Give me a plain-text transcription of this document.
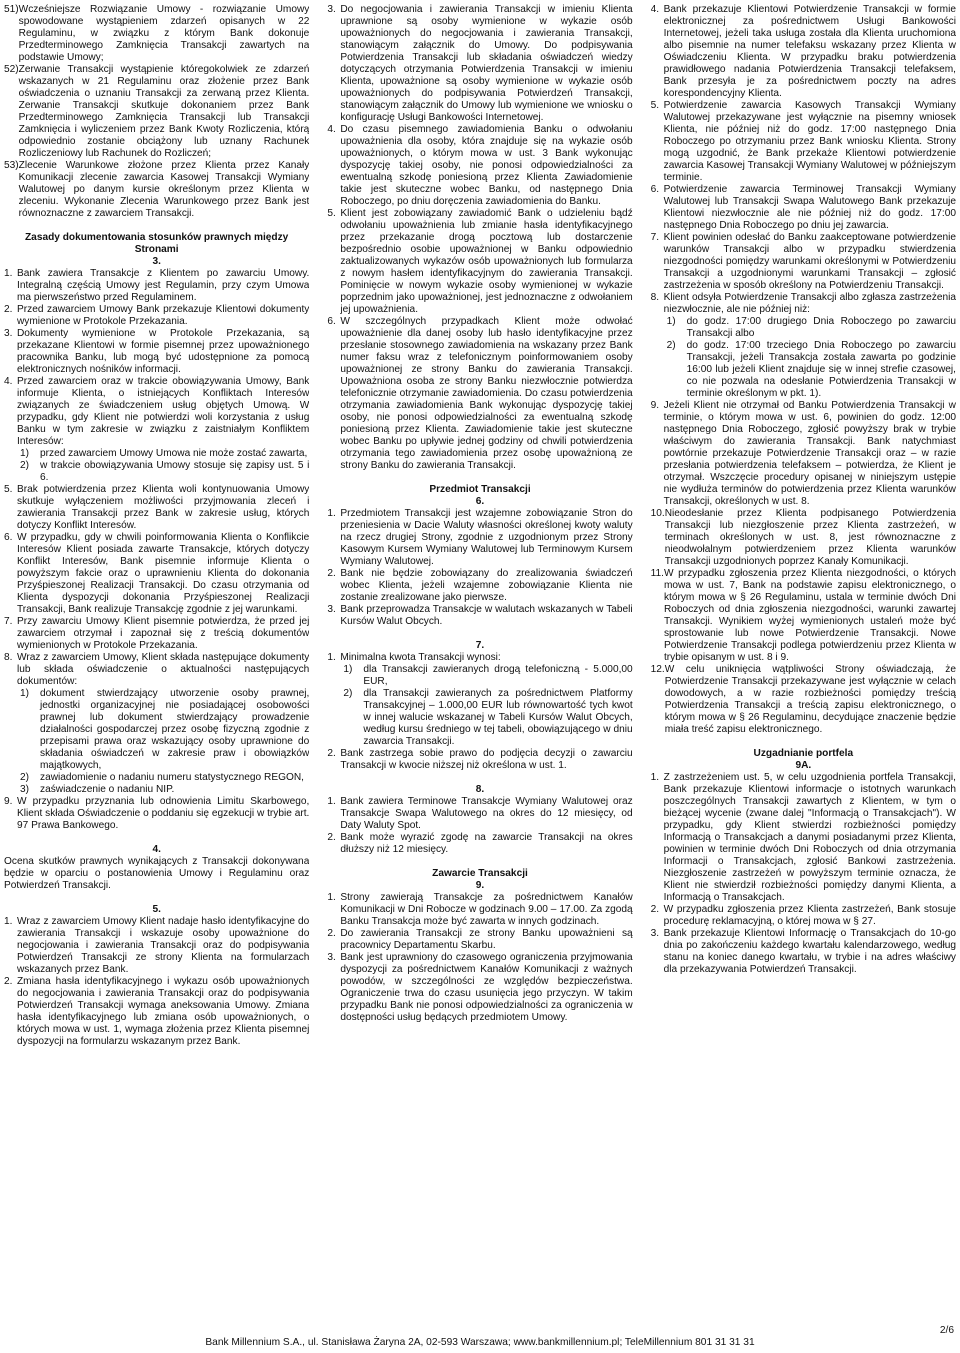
51) Wcześniejsze Rozwiązanie Umowy - rozwiązanie Umowy spowodowane wystąpieniem zdarzeń opisanych w 22 Regulaminu, w związku z którym Bank dokonuje Przedterminowego Zamknięcia Transakcji zawartych na podstawie Umowy;
52) Zerwanie Transakcji wystąpienie któregokolwiek ze zdarzeń wskazanych w 21 Regulaminu oraz złożenie przez Bank oświadczenia o uznaniu Transakcji za zerwaną przez Klienta. Zerwanie Transakcji skutkuje dokonaniem przez Bank Przedterminowego Zamknięcia Transakcji lub Transakcji Zamknięcia i wyliczeniem przez Bank Kwoty Rozliczenia, którą odpowiednio zostanie obciążony lub uznany Rachunek Rozliczeniowy lub Rachunek do Rozliczeń;
53) Zlecenie Warunkowe złożone przez Klienta przez Kanały Komunikacji zlecenie zawarcia Kasowej Transakcji Wymiany Walutowej po danym kursie określonym przez Klienta w zleceniu. Wykonanie Zlecenia Warunkowego przez Bank jest równoznaczne z zawarciem Transakcji.

Zasady dokumentowania stosunków prawnych między Stronami

3.

1. Bank zawiera Transakcje z Klientem po zawarciu Umowy. Integralną częścią Umowy jest Regulamin, przy czym Umowa ma pierwszeństwo przed Regulaminem.
2. Przed zawarciem Umowy Bank przekazuje Klientowi dokumenty wymienione w Protokole Przekazania.
3. Dokumenty wymienione w Protokole Przekazania, są przekazane Klientowi w formie pisemnej przez upoważnionego pracownika Banku, lub mogą być udostępnione za pomocą elektronicznych nośników informacji.
4. Przed zawarciem oraz w trakcie obowiązywania Umowy, Bank informuje Klienta, o istniejących Konfliktach Interesów związanych ze świadczeniem usług objętych Umową. W przypadku, gdy Klient nie potwierdzi woli korzystania z usług Banku w tym zakresie w związku z zaistniałym Konfliktem Interesów:
1)	przed zawarciem Umowy Umowa nie może zostać zawarta,
2)	w trakcie obowiązywania Umowy stosuje się zapisy ust. 5 i 6.
5. Brak potwierdzenia przez Klienta woli kontynuowania Umowy skutkuje wyłączeniem możliwości przyjmowania zleceń i zawierania Transakcji przez Bank w zakresie usług, których dotyczy Konflikt Interesów.
6. W przypadku, gdy w chwili poinformowania Klienta o Konflikcie Interesów Klient posiada zawarte Transakcje, których dotyczy Konflikt Interesów, Bank pisemnie informuje Klienta o powyższym fakcie oraz o uprawnieniu Klienta do dokonania Przyśpieszonej Realizacji Transakcji. Do czasu otrzymania od Klienta dyspozycji dokonania Przyśpieszonej Realizacji Transakcji, Bank realizuje Transakcję zgodnie z jej warunkami.
7. Przy zawarciu Umowy Klient pisemnie potwierdza, że przed jej zawarciem otrzymał i zapoznał się z treścią dokumentów wymienionych w Protokole Przekazania.
8. Wraz z zawarciem Umowy, Klient składa następujące dokumenty lub składa oświadczenie o aktualności następujących dokumentów:
1)	dokument stwierdzający utworzenie osoby prawnej, jednostki organizacyjnej nie posiadającej osobowości prawnej lub dokument stwierdzający prowadzenie działalności gospodarczej przez osobę fizyczną zgodnie z przepisami prawa oraz wskazujący osoby uprawnione do składania oświadczeń w zakresie praw i obowiązków majątkowych,
2)	zawiadomienie o nadaniu numeru statystycznego REGON,
3)	zaświadczenie o nadaniu NIP.
9. W przypadku przyznania lub odnowienia Limitu Skarbowego, Klient składa Oświadczenie o poddaniu się egzekucji w trybie art. 97 Prawa Bankowego.

4.

Ocena skutków prawnych wynikających z Transakcji dokonywana będzie w oparciu o postanowienia Umowy i Regulaminu oraz Potwierdzeń Transakcji.

5.

1. Wraz z zawarciem Umowy Klient nadaje hasło identyfikacyjne do zawierania Transakcji i wskazuje osoby upoważnione do negocjowania i zawierania Transakcji oraz do podpisywania Potwierdzeń Transakcji ze strony Klienta na formularzach wskazanych przez Bank.
2. Zmiana hasła identyfikacyjnego i wykazu osób upoważnionych do negocjowania i zawierania Transakcji oraz do podpisywania Potwierdzeń Transakcji wymaga aneksowania Umowy. Zmiana hasła identyfikacyjnego lub zmiana osób upoważnionych, o których mowa w ust. 1, wymaga złożenia przez Klienta pisemnej dyspozycji na formularzu wskazanym przez Bank.
3. Do negocjowania i zawierania Transakcji w imieniu Klienta uprawnione są osoby wymienione w wykazie osób upoważnionych do negocjowania i zawierania Transakcji, stanowiącym załącznik do Umowy. Do podpisywania Potwierdzenia Transakcji lub składania oświadczeń wiedzy dotyczących otrzymania Potwierdzenia Transakcji w imieniu Klienta, upoważnione są osoby wymienione w wykazie osób upoważnionych do podpisywania Potwierdzeń Transakcji, stanowiącym załącznik do Umowy lub wymienione we wniosku o konfigurację Usługi Bankowości Internetowej.
4. Do czasu pisemnego zawiadomienia Banku o odwołaniu upoważnienia dla osoby, która znajduje się na wykazie osób upoważnionych, o którym mowa w ust. 3 Bank wykonując dyspozycję takiej osoby, nie ponosi odpowiedzialności za ewentualną szkodę poniesioną przez Klienta Zawiadomienie takie jest skuteczne wobec Banku, od następnego Dnia Roboczego, po dniu doręczenia zawiadomienia do Banku.
5. Klient jest zobowiązany zawiadomić Bank o udzieleniu bądź odwołaniu upoważnienia lub zmianie hasła identyfikacyjnego przez przekazanie drogą pocztową lub dostarczenie bezpośrednio osobie upoważnionej w Banku odpowiednio zaktualizowanych wykazów osób upoważnionych lub formularza z nowym hasłem identyfikacyjnym do zawierania Transakcji. Pominięcie w nowym wykazie osoby wymienionej w wykazie poprzednim jako upoważnionej, jest jednoznaczne z odwołaniem jej upoważnienia.
6. W szczególnych przypadkach Klient może odwołać upoważnienie dla danej osoby lub hasło identyfikacyjne przez przesłanie stosownego zawiadomienia na wskazany przez Bank numer faksu wraz z telefonicznym poinformowaniem osoby upoważnionej ze strony Banku do zawierania Transakcji. Upoważniona osoba ze strony Banku niezwłocznie potwierdza telefonicznie otrzymanie zawiadomienia. Do czasu potwierdzenia otrzymania zawiadomienia Bank wykonując dyspozycję takiej osoby, nie ponosi odpowiedzialności za ewentualną szkodę poniesioną przez Klienta. Zawiadomienie takie jest skuteczne wobec Banku po upływie jednej godziny od chwili potwierdzenia otrzymania tego zawiadomienia przez osobę upoważnioną ze strony Banku do zawierania Transakcji.

Przedmiot Transakcji

6.

1. Przedmiotem Transakcji jest wzajemne zobowiązanie Stron do przeniesienia w Dacie Waluty własności określonej kwoty waluty na rzecz drugiej Strony, zgodnie z uzgodnionym przez Strony Kasowym Kursem Wymiany Walutowej lub Terminowym Kursem Wymiany Walutowej.
2. Bank nie będzie zobowiązany do zrealizowania świadczeń wobec Klienta, jeżeli wzajemne zobowiązanie Klienta nie zostanie zrealizowane jako pierwsze.
3. Bank przeprowadza Transakcje w walutach wskazanych w Tabeli Kursów Walut Obcych.

7.

1. Minimalna kwota Transakcji wynosi:
1)	dla Transakcji zawieranych drogą telefoniczną - 5.000,00 EUR,
2)	dla Transakcji zawieranych za pośrednictwem Platformy Transakcyjnej – 1.000,00 EUR lub równowartość tych kwot w innej walucie wskazanej w Tabeli Kursów Walut Obcych, według kursu średniego w tej tabeli, obowiązującego w dniu zawarcia Transakcji.
2. Bank zastrzega sobie prawo do podjęcia decyzji o zawarciu Transakcji w kwocie niższej niż określona w ust. 1.

8.

1. Bank zawiera Terminowe Transakcje Wymiany Walutowej oraz Transakcje Swapa Walutowego na okres do 12 miesięcy, od Daty Waluty Spot.
2. Bank może wyrazić zgodę na zawarcie Transakcji na okres dłuższy niż 12 miesięcy.

Zawarcie Transakcji

9.

1. Strony zawierają Transakcje za pośrednictwem Kanałów Komunikacji w Dni Robocze w godzinach 9.00 – 17.00. Za zgodą Banku Transakcja może być zawarta w innych godzinach.
2. Do zawierania Transakcji ze strony Banku upoważnieni są pracownicy Departamentu Skarbu.
3. Bank jest uprawniony do czasowego ograniczenia przyjmowania dyspozycji za pośrednictwem Kanałów Komunikacji z ważnych powodów, w szczególności ze względów bezpieczeństwa. Ograniczenie trwa do czasu usunięcia jego przyczyn. W takim przypadku Bank nie ponosi odpowiedzialności za ograniczenia w dostępności usług będących przedmiotem Umowy.
4. Bank przekazuje Klientowi Potwierdzenie Transakcji w formie elektronicznej za pośrednictwem Usługi Bankowości Internetowej, jeżeli taka usługa została dla Klienta uruchomiona albo pisemnie na numer telefaksu wskazany przez Klienta w Oświadczeniu Klienta. W przypadku braku potwierdzenia prawidłowego nadania Potwierdzenia Transakcji telefaksem, Bank przesyła je za pośrednictwem poczty na adres korespondencyjny Klienta.
5. Potwierdzenie zawarcia Kasowych Transakcji Wymiany Walutowej przekazywane jest wyłącznie na pisemny wniosek Klienta, nie później niż do godz. 17:00 następnego Dnia Roboczego po otrzymaniu przez Bank wniosku Klienta. Strony mogą uzgodnić, że Bank przekaże Klientowi potwierdzenie zawarcia Kasowej Transakcji Wymiany Walutowej w późniejszym terminie.
6. Potwierdzenie zawarcia Terminowej Transakcji Wymiany Walutowej lub Transakcji Swapa Walutowego Bank przekazuje Klientowi niezwłocznie ale nie później niż do godz. 17:00 następnego Dnia Roboczego po dniu jej zawarcia.
7. Klient powinien odesłać do Banku zaakceptowane potwierdzenie warunków Transakcji albo w przypadku stwierdzenia niezgodności pomiędzy warunkami określonymi w Potwierdzeniu Transakcji a uzgodnionymi warunkami Transakcji – zgłosić zastrzeżenia w sposób określony na Potwierdzeniu Transakcji.
8. Klient odsyła Potwierdzenie Transakcji albo zgłasza zastrzeżenia niezwłocznie, ale nie później niż:
1)	do godz. 17:00 drugiego Dnia Roboczego po zawarciu Transakcji albo
2)	do godz. 17:00 trzeciego Dnia Roboczego po zawarciu Transakcji, jeżeli Transakcja została zawarta po godzinie 16:00 lub jeżeli Klient znajduje się w innej strefie czasowej, co nie pozwala na odesłanie Potwierdzenia Transakcji w terminie określonym w pkt. 1).
9. Jeżeli Klient nie otrzymał od Banku Potwierdzenia Transakcji w terminie, o którym mowa w ust. 6, powinien do godz. 12:00 następnego Dnia Roboczego, zgłosić powyższy brak w trybie właściwym do zawierania Transakcji. Bank natychmiast powtórnie przekazuje Potwierdzenie Transakcji oraz – w razie przesłania potwierdzenia telefaksem – potwierdza, że Klient je otrzymał. Wszczęcie procedury opisanej w niniejszym ustępie nie wydłuża terminów do potwierdzenia przez Klienta warunków Transakcji, określonych w ust. 8.
10. Nieodesłanie przez Klienta podpisanego Potwierdzenia Transakcji lub niezgłoszenie przez Klienta zastrzeżeń, w terminach określonych w ust. 8, jest równoznaczne z nieodwołalnym potwierdzeniem przez Klienta warunków Transakcji uzgodnionych poprzez Kanały Komunikacji.
11. W przypadku zgłoszenia przez Klienta niezgodności, o których mowa w ust. 7, Bank na podstawie zapisu elektronicznego, o którym mowa w § 26 Regulaminu, ustala w terminie dwóch Dni Roboczych od dnia zgłoszenia niezgodności, warunki zawartej Transakcji. Wynikiem wyżej wymienionych ustaleń może być sprostowanie lub nowe Potwierdzenie Transakcji. Nowe Potwierdzenie Transakcji podlega potwierdzeniu przez Klienta w trybie opisanym w ust. 8 i 9.
12. W celu uniknięcia wątpliwości Strony oświadczają, że Potwierdzenie Transakcji przekazywane jest wyłącznie w celach dowodowych, a w razie rozbieżności pomiędzy treścią Potwierdzenia Transakcji a treścią zapisu elektronicznego, o którym mowa w § 26 Regulaminu, decydujące znaczenie będzie miała treść zapisu elektronicznego.

Uzgadnianie portfela

9A.

1. Z zastrzeżeniem ust. 5, w celu uzgodnienia portfela Transakcji, Bank przekazuje Klientowi informacje o istotnych warunkach poszczególnych Transakcji zawartych z Klientem, w tym o bieżącej wycenie (zwane dalej "Informacją o Transakcjach"). W przypadku, gdy Klient stwierdzi rozbieżności pomiędzy Informacją o Transakcjach a danymi posiadanymi przez Klienta, powinien w terminie dwóch Dni Roboczych od dnia otrzymania Informacji o Transakcjach, zgłosić Bankowi zastrzeżenia. Niezgłoszenie zastrzeżeń w powyższym terminie oznacza, że Klient nie stwierdził rozbieżności pomiędzy danymi Klienta, a Informacją o Transakcjach.
2. W przypadku zgłoszenia przez Klienta zastrzeżeń, Bank stosuje procedurę reklamacyjną, o której mowa w § 27.
3. Bank przekazuje Klientowi Informację o Transakcjach do 10-go dnia po zakończeniu każdego kwartału kalendarzowego, według stanu na koniec danego kwartału, w trybie i na adres właściwy dla przekazywania Potwierdzeń Transakcji.
2/6
Bank Millennium S.A., ul. Stanisława Żaryna 2A, 02-593 Warszawa; www.bankmillennium.pl; TeleMillennium 801 31 31 31
